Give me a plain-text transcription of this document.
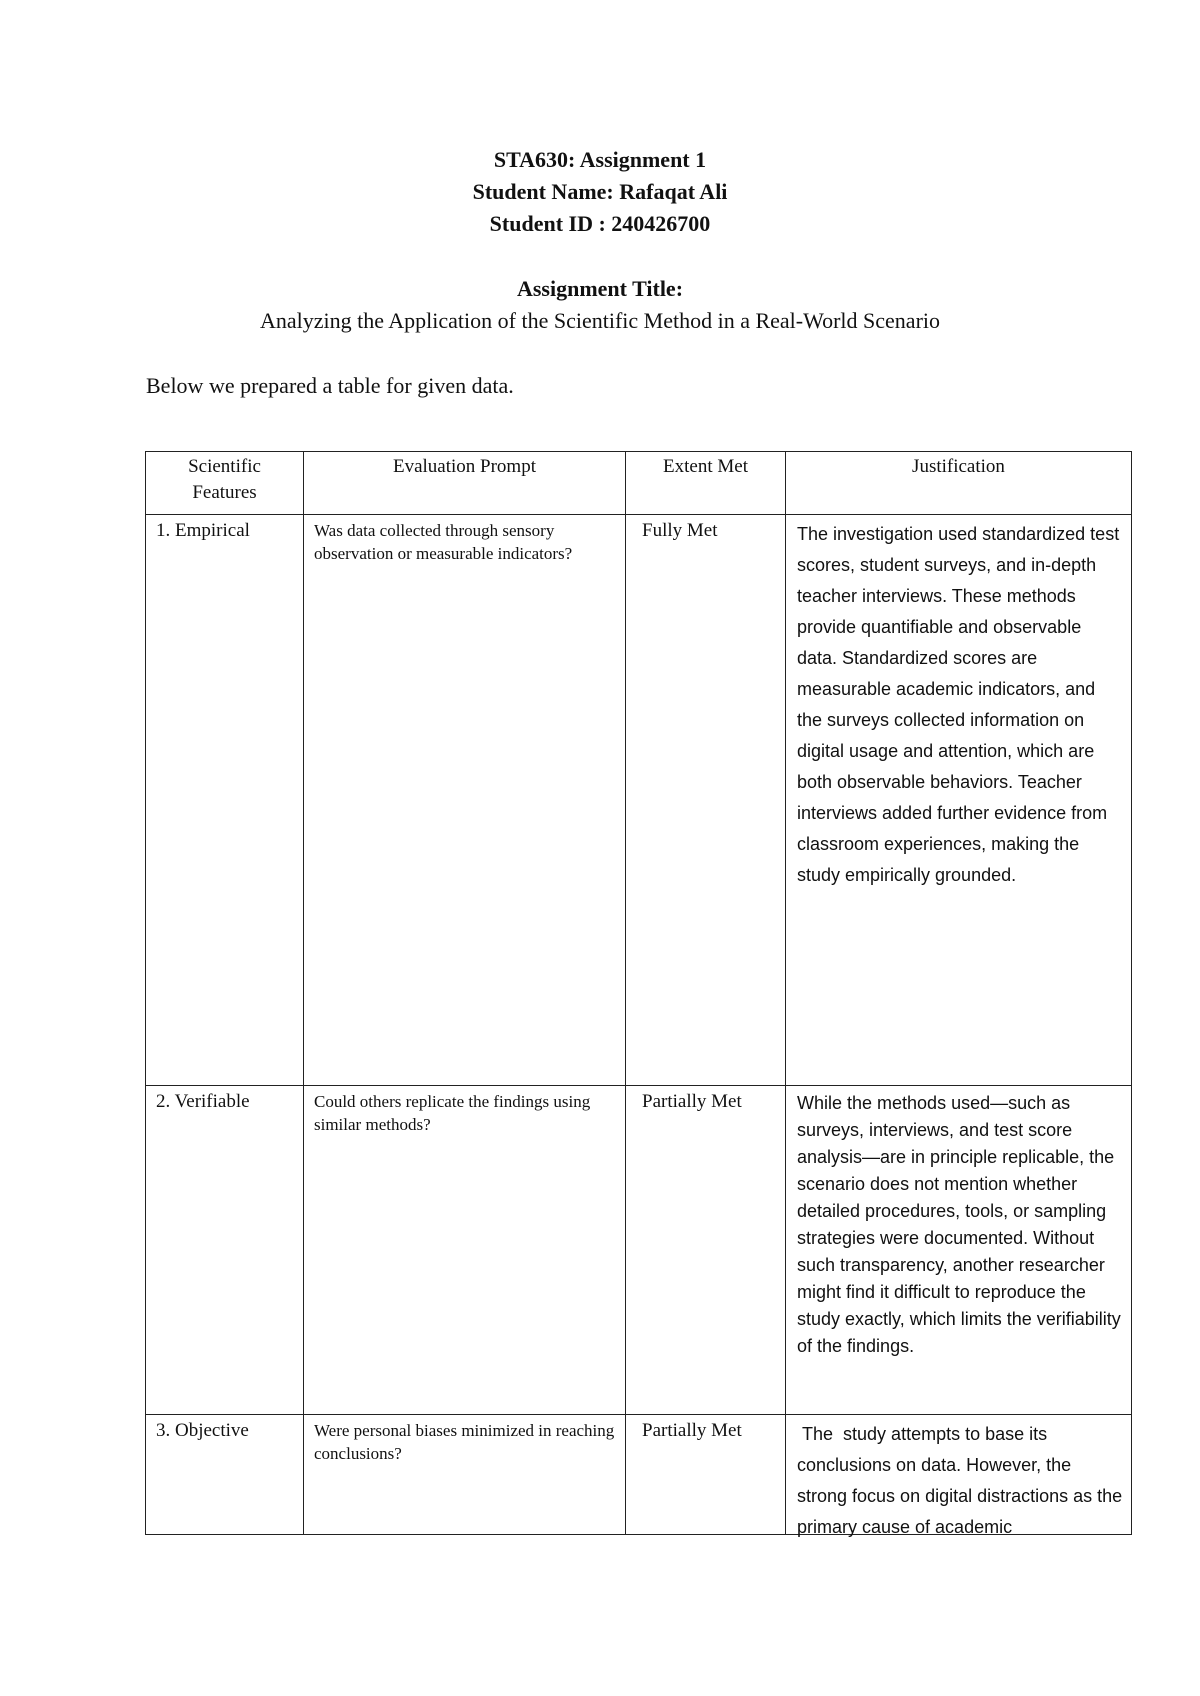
STA630: Assignment 1
Student Name: Rafaqat Ali
Student ID : 240426700
Assignment Title:
Analyzing the Application of the Scientific Method in a Real-World Scenario
Below we prepared a table for given data.
Scientific
Features	Evaluation Prompt	Extent Met	Justification
1. Empirical	Was data collected through sensory observation or measurable indicators?	Fully Met	The investigation used standardized test scores, student surveys, and in-depth teacher interviews. These methods provide quantifiable and observable data. Standardized scores are measurable academic indicators, and the surveys collected information on digital usage and attention, which are both observable behaviors. Teacher interviews added further evidence from classroom experiences, making the study empirically grounded.
2. Verifiable	Could others replicate the findings using similar methods?	Partially Met	While the methods used—such as surveys, interviews, and test score analysis—are in principle replicable, the scenario does not mention whether detailed procedures, tools, or sampling strategies were documented. Without such transparency, another researcher might find it difficult to reproduce the study exactly, which limits the verifiability of the findings.
3. Objective	Were personal biases minimized in reaching conclusions?	Partially Met	The  study attempts to base its conclusions on data. However, the strong focus on digital distractions as the primary cause of academic
